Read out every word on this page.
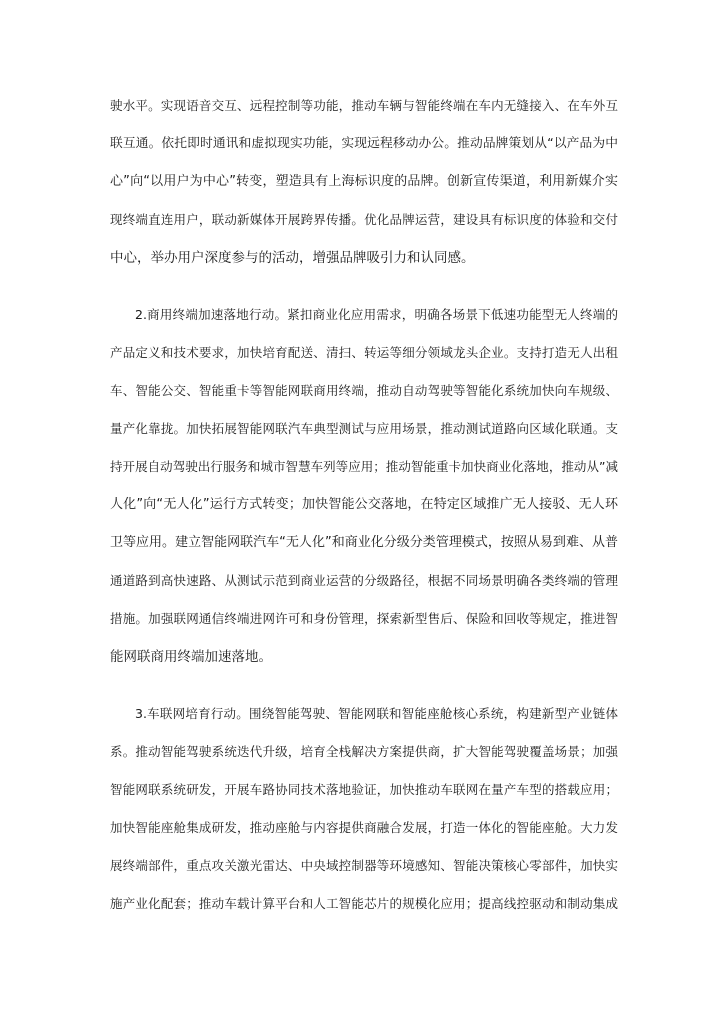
驶水平。实现语音交互、远程控制等功能，推动车辆与智能终端在车内无缝接入、在车外互
联互通。依托即时通讯和虚拟现实功能，实现远程移动办公。推动品牌策划从“以产品为中
心”向“以用户为中心”转变，塑造具有上海标识度的品牌。创新宣传渠道，利用新媒介实
现终端直连用户，联动新媒体开展跨界传播。优化品牌运营，建设具有标识度的体验和交付
中心，举办用户深度参与的活动，增强品牌吸引力和认同感。
2.商用终端加速落地行动。紧扣商业化应用需求，明确各场景下低速功能型无人终端的
产品定义和技术要求，加快培育配送、清扫、转运等细分领域龙头企业。支持打造无人出租
车、智能公交、智能重卡等智能网联商用终端，推动自动驾驶等智能化系统加快向车规级、
量产化靠拢。加快拓展智能网联汽车典型测试与应用场景，推动测试道路向区域化联通。支
持开展自动驾驶出行服务和城市智慧车列等应用；推动智能重卡加快商业化落地，推动从”减
人化”向“无人化”运行方式转变；加快智能公交落地，在特定区域推广无人接驳、无人环
卫等应用。建立智能网联汽车“无人化”和商业化分级分类管理模式，按照从易到难、从普
通道路到高快速路、从测试示范到商业运营的分级路径，根据不同场景明确各类终端的管理
措施。加强联网通信终端进网许可和身份管理，探索新型售后、保险和回收等规定，推进智
能网联商用终端加速落地。
3.车联网培育行动。围绕智能驾驶、智能网联和智能座舱核心系统，构建新型产业链体
系。推动智能驾驶系统迭代升级，培育全栈解决方案提供商，扩大智能驾驶覆盖场景；加强
智能网联系统研发，开展车路协同技术落地验证，加快推动车联网在量产车型的搭载应用；
加快智能座舱集成研发，推动座舱与内容提供商融合发展，打造一体化的智能座舱。大力发
展终端部件，重点攻关激光雷达、中央域控制器等环境感知、智能决策核心零部件，加快实
施产业化配套；推动车载计算平台和人工智能芯片的规模化应用；提高线控驱动和制动集成
